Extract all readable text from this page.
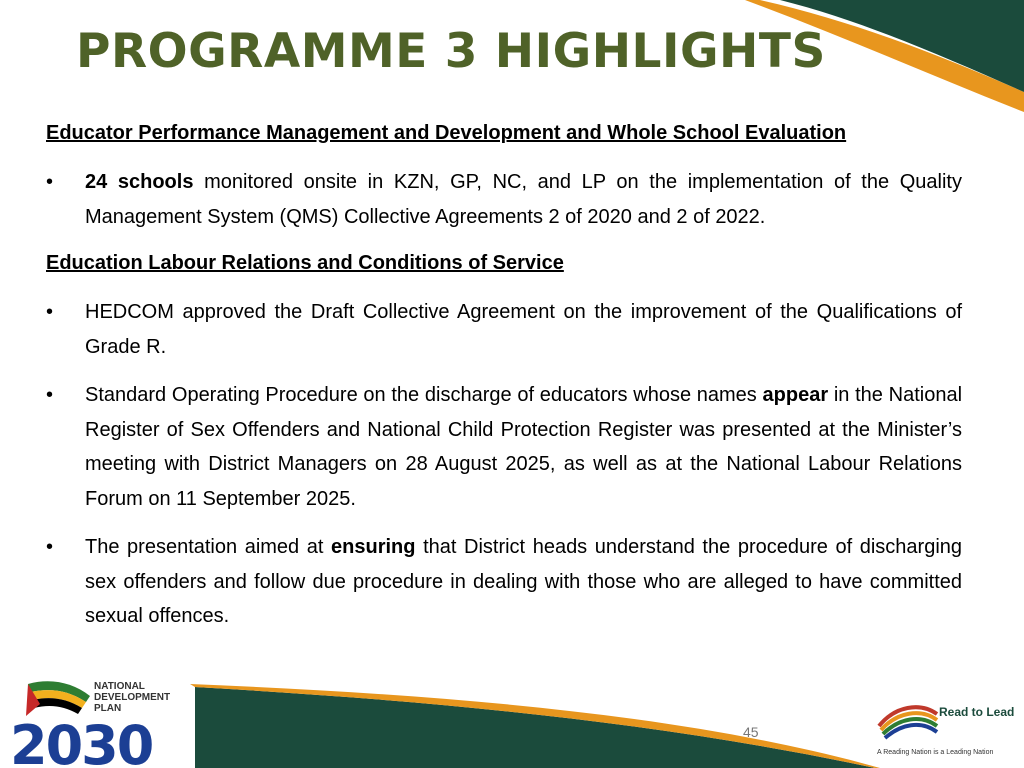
PROGRAMME 3 HIGHLIGHTS

Educator Performance Management and Development and Whole School Evaluation

• 24 schools monitored onsite in KZN, GP, NC, and LP on the implementation of the Quality Management System (QMS) Collective Agreements 2 of 2020 and 2 of 2022.

Education Labour Relations and Conditions of Service

• HEDCOM approved the Draft Collective Agreement on the improvement of the Qualifications of Grade R.
• Standard Operating Procedure on the discharge of educators whose names appear in the National Register of Sex Offenders and National Child Protection Register was presented at the Minister’s meeting with District Managers on 28 August 2025, as well as at the National Labour Relations Forum on 11 September 2025.
• The presentation aimed at ensuring that District heads understand the procedure of discharging sex offenders and follow due procedure in dealing with those who are alleged to have committed sexual offences.
NATIONAL
DEVELOPMENT
PLAN
2030	45
Read to Lead
A Reading Nation is a Leading Nation
